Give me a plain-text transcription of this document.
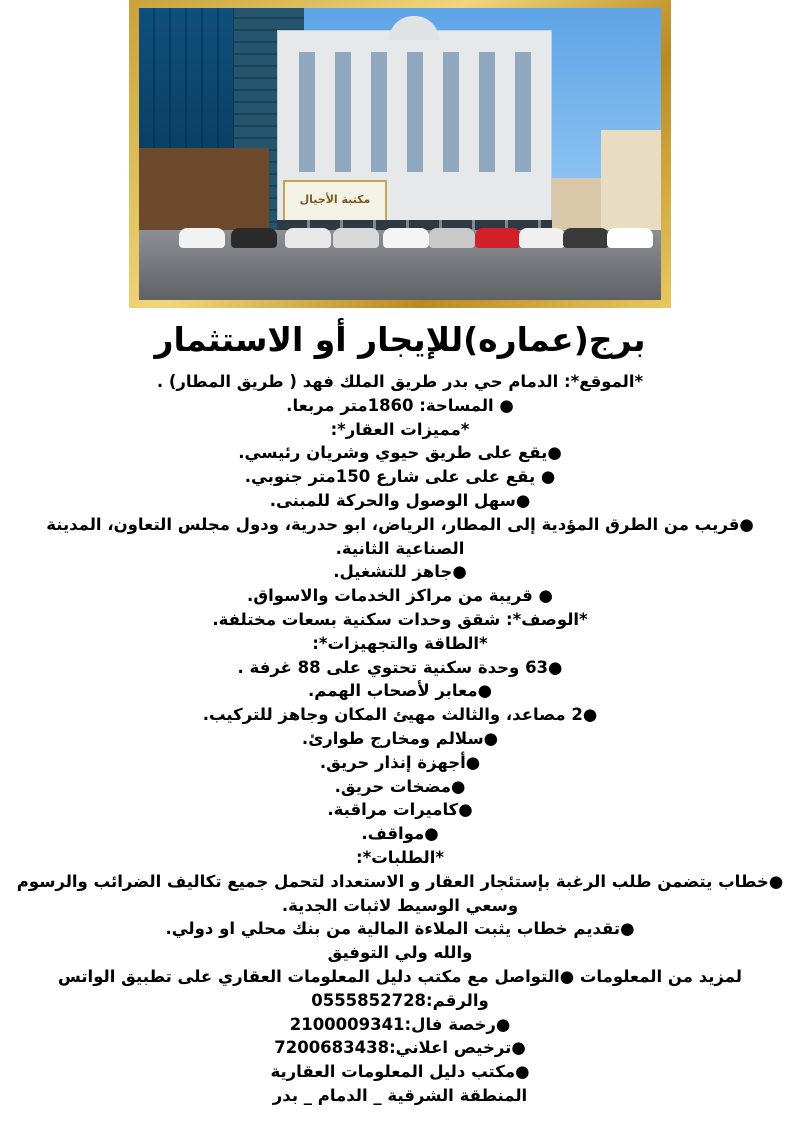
مكتبة الأجيال
برج(عماره)للإيجار أو الاستثمار
*الموقع*: الدمام حي بدر طريق الملك فهد ( طريق المطار) .
● المساحة: 1860متر مربعا.
*مميزات العقار*:
●يقع على طريق حيوي وشريان رئيسي.
● يقع على على شارع 150متر جنوبي.
●سهل الوصول والحركة للمبنى.
●قريب من الطرق المؤدية إلى المطار، الرياض، ابو حدرية، ودول مجلس التعاون، المدينة الصناعية الثانية.
●جاهز للتشغيل.
● قريبة من مراكز الخدمات والاسواق.
*الوصف*: شقق وحدات سكنية بسعات مختلفة.
*الطاقة والتجهيزات*:
●63 وحدة سكنية تحتوي على 88 غرفة .
●معابر لأصحاب الهمم.
●2 مصاعد، والثالث مهيئ المكان وجاهز للتركيب.
●سلالم ومخارج طوارئ.
●أجهزة إنذار حريق.
●مضخات حريق.
●كاميرات مراقبة.
●مواقف.
*الطلبات*:
●خطاب يتضمن طلب الرغبة بإستئجار العقار و الاستعداد لتحمل جميع تكاليف الضرائب والرسوم وسعي الوسيط لاثبات الجدية.
●تقديم خطاب يثبت الملاءة المالية من بنك محلي او دولي.
والله ولي التوفيق
لمزيد من المعلومات ●التواصل مع مكتب دليل المعلومات العقاري على تطبيق الواتس
والرقم:0555852728
●رخصة فال:2100009341
●ترخيص اعلاني:7200683438
●مكتب دليل المعلومات العقارية
المنطقة الشرقية _ الدمام _ بدر
